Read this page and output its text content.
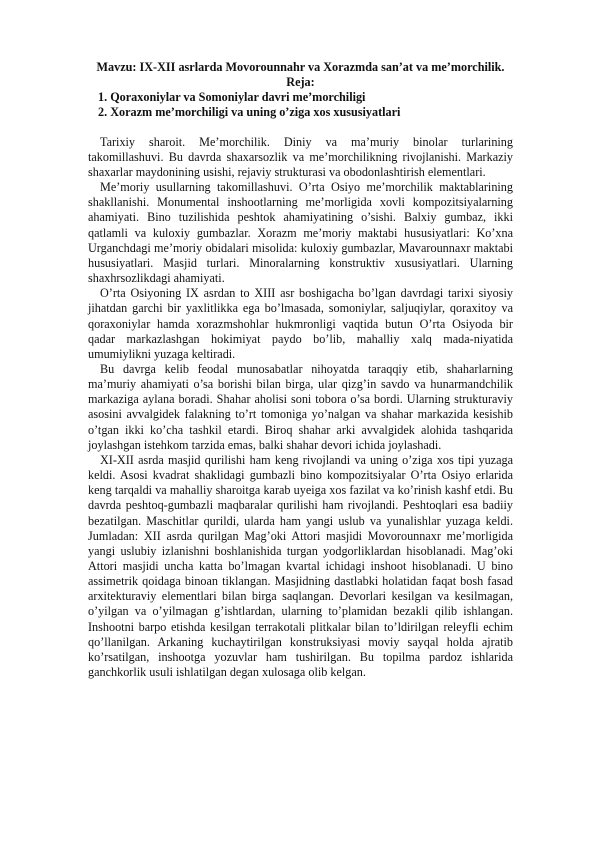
Mavzu: IX-XII asrlarda Movorounnahr va Xorazmda san’at va me’morchilik.

Reja:

1. Qoraxoniylar va Somoniylar davri me’morchiligi

2. Xorazm me’morchiligi va uning o’ziga xos xususiyatlari

Tarixiy sharoit. Me’morchilik. Diniy va ma’muriy binolar turlarining takomillashuvi. Bu davrda shaxarsozlik va me’morchilikning rivojlanishi. Markaziy shaxarlar maydonining usishi, rejaviy strukturasi va obodonlashtirish elementlari.

Me’moriy usullarning takomillashuvi. O’rta Osiyo me’morchilik maktablarining shakllanishi. Monumental inshootlarning me’morligida xovli kompozitsiyalarning ahamiyati. Bino tuzilishida peshtok ahamiyatining o’sishi. Balxiy gumbaz, ikki qatlamli va kuloxiy gumbazlar. Xorazm me’moriy maktabi hususiyatlari: Ko’xna Urganchdagi me’moriy obidalari misolida: kuloxiy gumbazlar, Mavarounnaxr maktabi hususiyatlari. Masjid turlari. Minoralarning konstruktiv xususiyatlari. Ularning shaxhrsozlikdagi ahamiyati.

O’rta Osiyoning IX asrdan to XIII asr boshigacha bo’lgan davrdagi tarixi siyosiy jihatdan garchi bir yaxlitlikka ega bo’lmasada, somoniylar, saljuqiylar, qoraxitoy va qoraxoniylar hamda xorazmshohlar hukmronligi vaqtida butun O’rta Osiyoda bir qadar markazlashgan hokimiyat paydo bo’lib, mahalliy xalq mada-niyatida umumiylikni yuzaga keltiradi.

Bu davrga kelib feodal munosabatlar nihoyatda taraqqiy etib, shaharlarning ma’muriy ahamiyati o’sa borishi bilan birga, ular qizg’in savdo va hunarmandchilik markaziga aylana boradi. Shahar aholisi soni tobora o’sa bordi. Ularning strukturaviy asosini avvalgidek falakning to’rt tomoniga yo’nalgan va shahar markazida kesishib o’tgan ikki ko’cha tashkil etardi. Biroq shahar arki avvalgidek alohida tashqarida joylashgan istehkom tarzida emas, balki shahar devori ichida joylashadi.

XI-XII asrda masjid qurilishi ham keng rivojlandi va uning o’ziga xos tipi yuzaga keldi. Asosi kvadrat shaklidagi gumbazli bino kompozitsiyalar O’rta Osiyo erlarida keng tarqaldi va mahalliy sharoitga karab uyeiga xos fazilat va ko’rinish kashf etdi. Bu davrda peshtoq-gumbazli maqbaralar qurilishi ham rivojlandi. Peshtoqlari esa badiiy bezatilgan. Maschitlar qurildi, ularda ham yangi uslub va yunalishlar yuzaga keldi. Jumladan: XII asrda qurilgan Mag’oki Attori masjidi Movorounnaxr me’morligida yangi uslubiy izlanishni boshlanishida turgan yodgorliklardan hisoblanadi. Mag’oki Attori masjidi uncha katta bo’lmagan kvartal ichidagi inshoot hisoblanadi. U bino assimetrik qoidaga binoan tiklangan. Masjidning dastlabki holatidan faqat bosh fasad arxitekturaviy elementlari bilan birga saqlangan. Devorlari kesilgan va kesilmagan, o’yilgan va o’yilmagan g’ishtlardan, ularning to’plamidan bezakli qilib ishlangan. Inshootni barpo etishda kesilgan terrakotali plitkalar bilan to’ldirilgan releyfli echim qo’llanilgan. Arkaning kuchaytirilgan konstruksiyasi moviy sayqal holda ajratib ko’rsatilgan, inshootga yozuvlar ham tushirilgan. Bu topilma pardoz ishlarida ganchkorlik usuli ishlatilgan degan xulosaga olib kelgan.
